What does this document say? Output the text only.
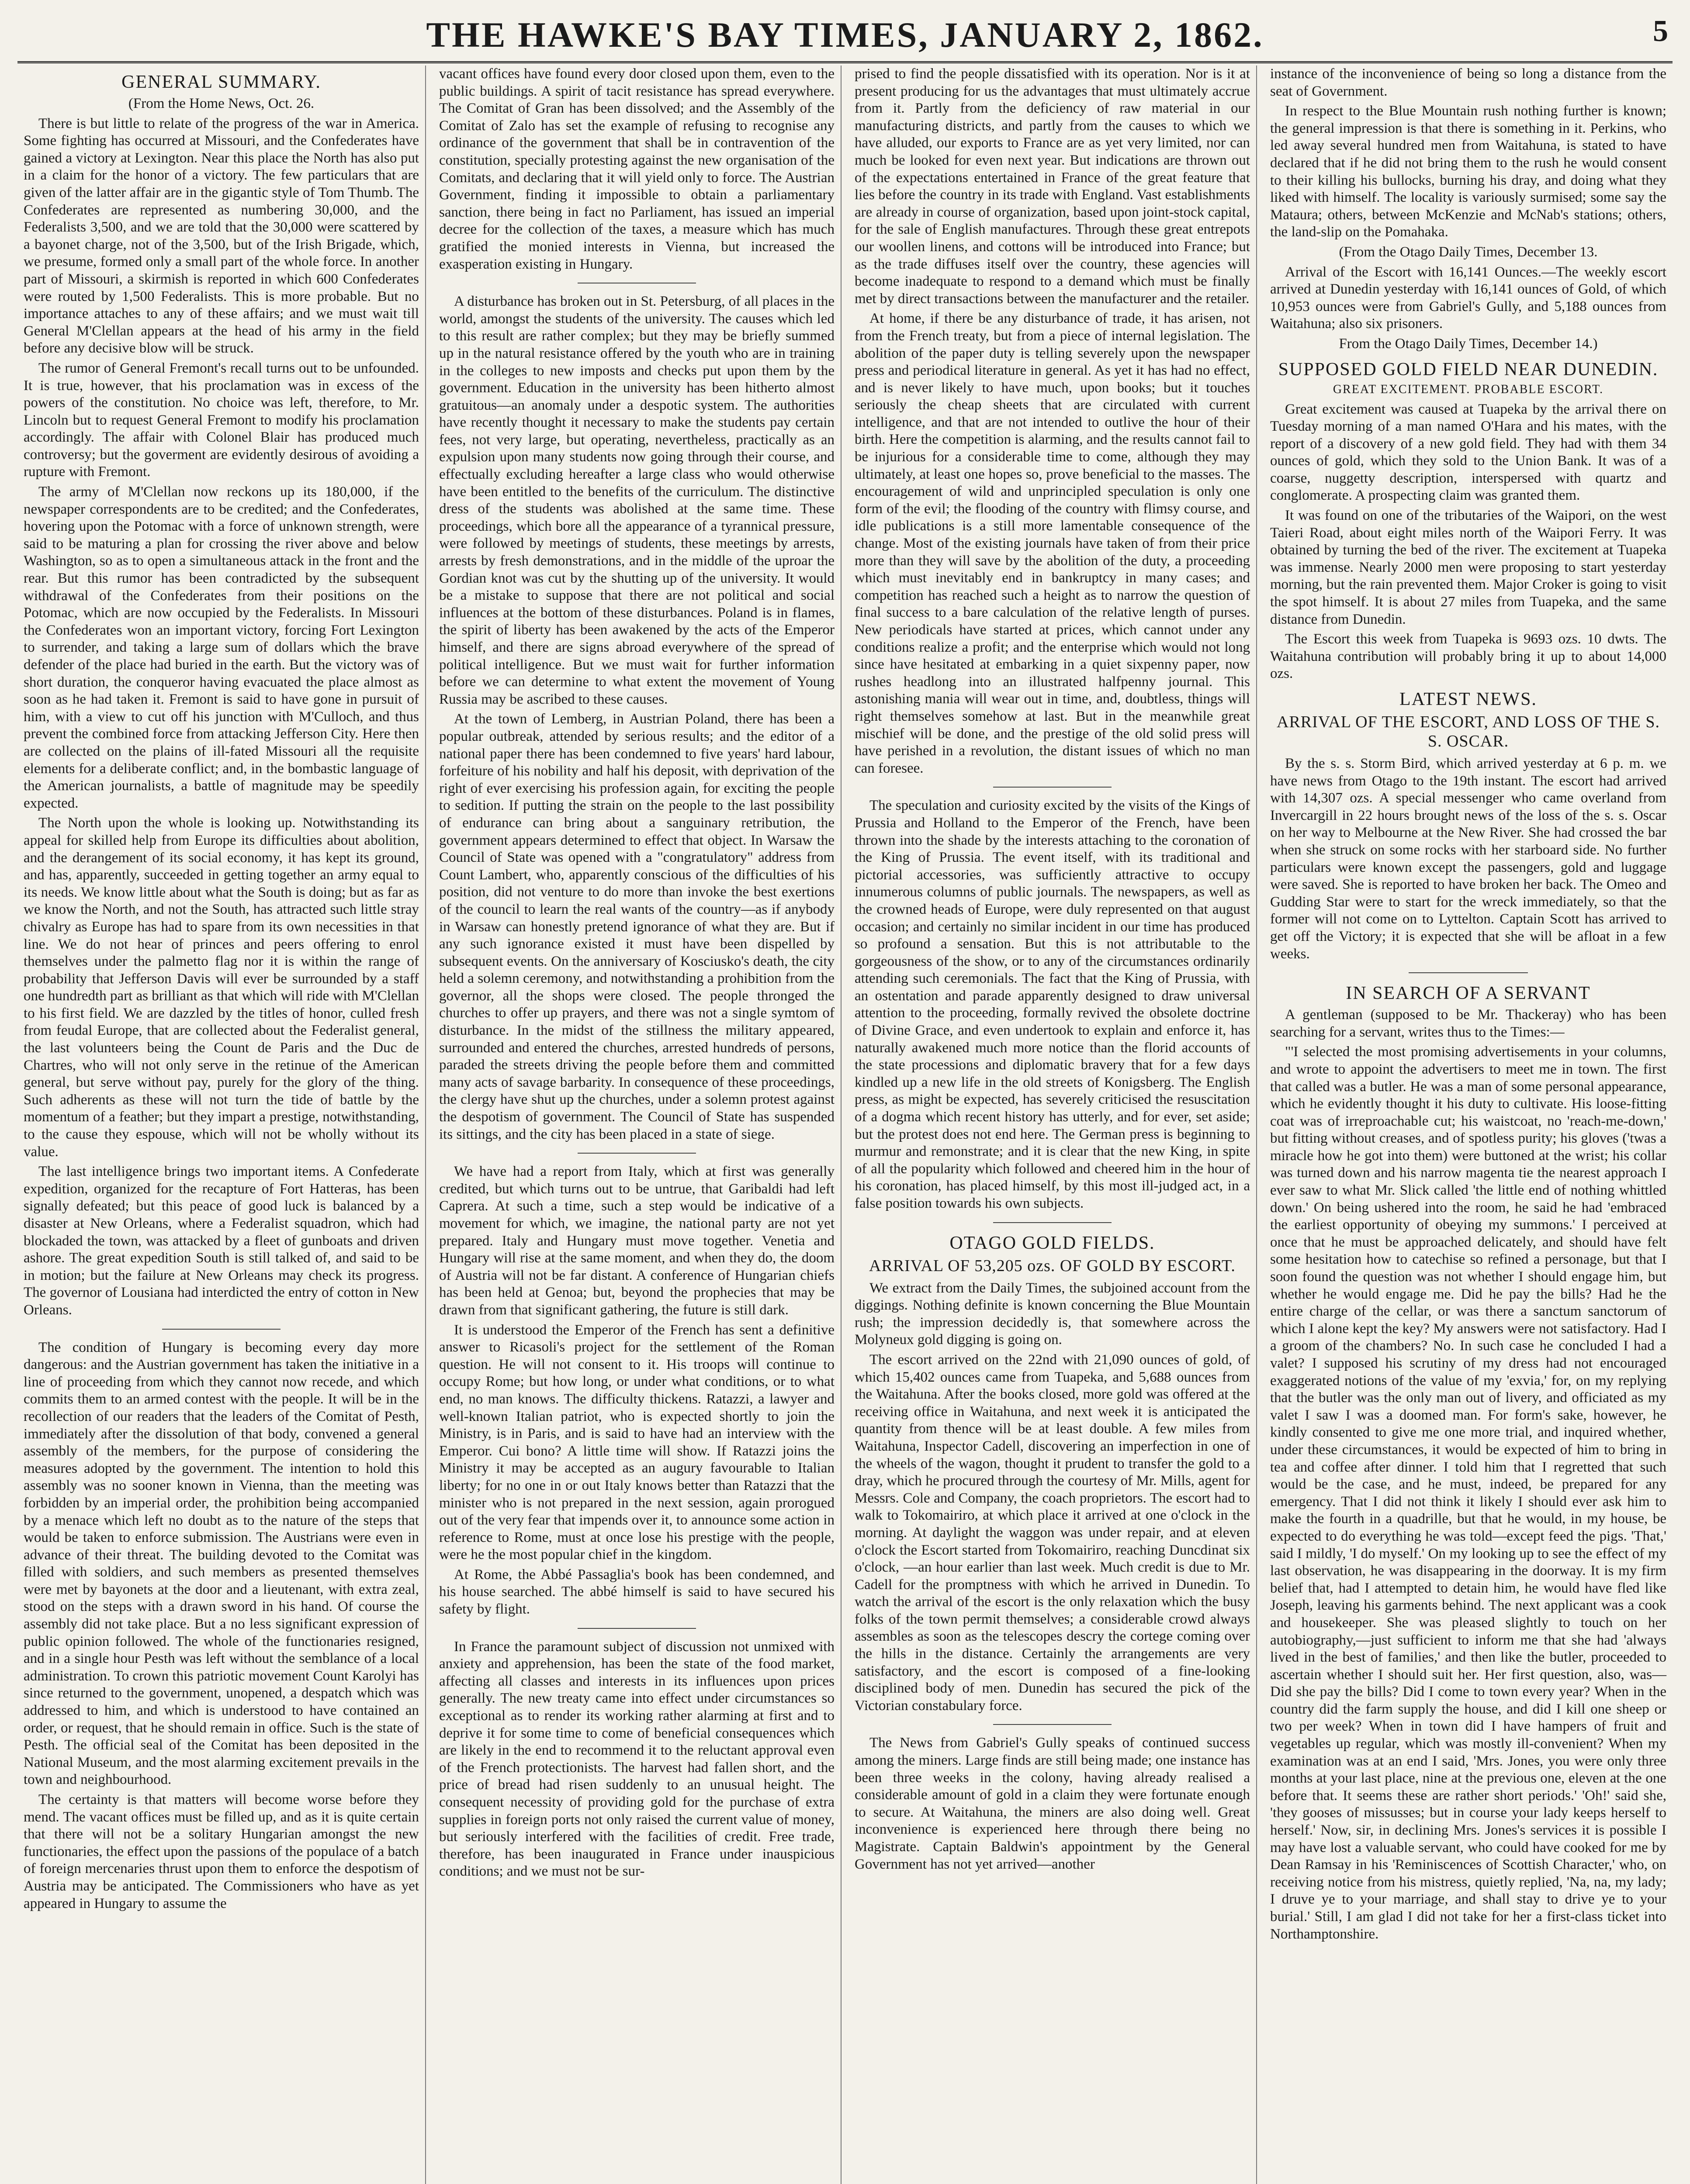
THE HAWKE'S BAY TIMES, JANUARY 2, 1862.	5
GENERAL SUMMARY.

(From the Home News, Oct. 26.

There is but little to relate of the progress of the war in America. Some fighting has occurred at Missouri, and the Confederates have gained a victory at Lexington. Near this place the North has also put in a claim for the honor of a victory. The few particulars that are given of the latter affair are in the gigantic style of Tom Thumb. The Confederates are represented as numbering 30,000, and the Federalists 3,500, and we are told that the 30,000 were scattered by a bayonet charge, not of the 3,500, but of the Irish Brigade, which, we presume, formed only a small part of the whole force. In another part of Missouri, a skirmish is reported in which 600 Confederates were routed by 1,500 Federalists. This is more probable. But no importance attaches to any of these affairs; and we must wait till General M'Clellan appears at the head of his army in the field before any decisive blow will be struck.

The rumor of General Fremont's recall turns out to be unfounded. It is true, however, that his proclamation was in excess of the powers of the constitution. No choice was left, therefore, to Mr. Lincoln but to request General Fremont to modify his proclamation accordingly. The affair with Colonel Blair has produced much controversy; but the goverment are evidently desirous of avoiding a rupture with Fremont.

The army of M'Clellan now reckons up its 180,000, if the newspaper correspondents are to be credited; and the Confederates, hovering upon the Potomac with a force of unknown strength, were said to be maturing a plan for crossing the river above and below Washington, so as to open a simultaneous attack in the front and the rear. But this rumor has been contradicted by the subsequent withdrawal of the Confederates from their positions on the Potomac, which are now occupied by the Federalists. In Missouri the Confederates won an important victory, forcing Fort Lexington to surrender, and taking a large sum of dollars which the brave defender of the place had buried in the earth. But the victory was of short duration, the conqueror having evacuated the place almost as soon as he had taken it. Fremont is said to have gone in pursuit of him, with a view to cut off his junction with M'Culloch, and thus prevent the combined force from attacking Jefferson City. Here then are collected on the plains of ill-fated Missouri all the requisite elements for a deliberate conflict; and, in the bombastic language of the American journalists, a battle of magnitude may be speedily expected.

The North upon the whole is looking up. Notwithstanding its appeal for skilled help from Europe its difficulties about abolition, and the derangement of its social economy, it has kept its ground, and has, apparently, succeeded in getting together an army equal to its needs. We know little about what the South is doing; but as far as we know the North, and not the South, has attracted such little stray chivalry as Europe has had to spare from its own necessities in that line. We do not hear of princes and peers offering to enrol themselves under the palmetto flag nor it is within the range of probability that Jefferson Davis will ever be surrounded by a staff one hundredth part as brilliant as that which will ride with M'Clellan to his first field. We are dazzled by the titles of honor, culled fresh from feudal Europe, that are collected about the Federalist general, the last volunteers being the Count de Paris and the Duc de Chartres, who will not only serve in the retinue of the American general, but serve without pay, purely for the glory of the thing. Such adherents as these will not turn the tide of battle by the momentum of a feather; but they impart a prestige, notwithstanding, to the cause they espouse, which will not be wholly without its value.

The last intelligence brings two important items. A Confederate expedition, organized for the recapture of Fort Hatteras, has been signally defeated; but this peace of good luck is balanced by a disaster at New Orleans, where a Federalist squadron, which had blockaded the town, was attacked by a fleet of gunboats and driven ashore. The great expedition South is still talked of, and said to be in motion; but the failure at New Orleans may check its progress. The governor of Lousiana had interdicted the entry of cotton in New Orleans.

The condition of Hungary is becoming every day more dangerous: and the Austrian government has taken the initiative in a line of proceeding from which they cannot now recede, and which commits them to an armed contest with the people. It will be in the recollection of our readers that the leaders of the Comitat of Pesth, immediately after the dissolution of that body, convened a general assembly of the members, for the purpose of considering the measures adopted by the government. The intention to hold this assembly was no sooner known in Vienna, than the meeting was forbidden by an imperial order, the prohibition being accompanied by a menace which left no doubt as to the nature of the steps that would be taken to enforce submission. The Austrians were even in advance of their threat. The building devoted to the Comitat was filled with soldiers, and such members as presented themselves were met by bayonets at the door and a lieutenant, with extra zeal, stood on the steps with a drawn sword in his hand. Of course the assembly did not take place. But a no less significant expression of public opinion followed. The whole of the functionaries resigned, and in a single hour Pesth was left without the semblance of a local administration. To crown this patriotic movement Count Karolyi has since returned to the government, unopened, a despatch which was addressed to him, and which is understood to have contained an order, or request, that he should remain in office. Such is the state of Pesth. The official seal of the Comitat has been deposited in the National Museum, and the most alarming excitement prevails in the town and neighbourhood.

The certainty is that matters will become worse before they mend. The vacant offices must be filled up, and as it is quite certain that there will not be a solitary Hungarian amongst the new functionaries, the effect upon the passions of the populace of a batch of foreign mercenaries thrust upon them to enforce the despotism of Austria may be anticipated. The Commissioners who have as yet appeared in Hungary to assume the

vacant offices have found every door closed upon them, even to the public buildings. A spirit of tacit resistance has spread everywhere. The Comitat of Gran has been dissolved; and the Assembly of the Comitat of Zalo has set the example of refusing to recognise any ordinance of the government that shall be in contravention of the constitution, specially protesting against the new organisation of the Comitats, and declaring that it will yield only to force. The Austrian Government, finding it impossible to obtain a parliamentary sanction, there being in fact no Parliament, has issued an imperial decree for the collection of the taxes, a measure which has much gratified the monied interests in Vienna, but increased the exasperation existing in Hungary.

A disturbance has broken out in St. Petersburg, of all places in the world, amongst the students of the university. The causes which led to this result are rather complex; but they may be briefly summed up in the natural resistance offered by the youth who are in training in the colleges to new imposts and checks put upon them by the government. Education in the university has been hitherto almost gratuitous—an anomaly under a despotic system. The authorities have recently thought it necessary to make the students pay certain fees, not very large, but operating, nevertheless, practically as an expulsion upon many students now going through their course, and effectually excluding hereafter a large class who would otherwise have been entitled to the benefits of the curriculum. The distinctive dress of the students was abolished at the same time. These proceedings, which bore all the appearance of a tyrannical pressure, were followed by meetings of students, these meetings by arrests, arrests by fresh demonstrations, and in the middle of the uproar the Gordian knot was cut by the shutting up of the university. It would be a mistake to suppose that there are not political and social influences at the bottom of these disturbances. Poland is in flames, the spirit of liberty has been awakened by the acts of the Emperor himself, and there are signs abroad everywhere of the spread of political intelligence. But we must wait for further information before we can determine to what extent the movement of Young Russia may be ascribed to these causes.

At the town of Lemberg, in Austrian Poland, there has been a popular outbreak, attended by serious results; and the editor of a national paper there has been condemned to five years' hard labour, forfeiture of his nobility and half his deposit, with deprivation of the right of ever exercising his profession again, for exciting the people to sedition. If putting the strain on the people to the last possibility of endurance can bring about a sanguinary retribution, the government appears determined to effect that object. In Warsaw the Council of State was opened with a "congratulatory" address from Count Lambert, who, apparently conscious of the difficulties of his position, did not venture to do more than invoke the best exertions of the council to learn the real wants of the country—as if anybody in Warsaw can honestly pretend ignorance of what they are. But if any such ignorance existed it must have been dispelled by subsequent events. On the anniversary of Kosciusko's death, the city held a solemn ceremony, and notwithstanding a prohibition from the governor, all the shops were closed. The people thronged the churches to offer up prayers, and there was not a single symtom of disturbance. In the midst of the stillness the military appeared, surrounded and entered the churches, arrested hundreds of persons, paraded the streets driving the people before them and committed many acts of savage barbarity. In consequence of these proceedings, the clergy have shut up the churches, under a solemn protest against the despotism of government. The Council of State has suspended its sittings, and the city has been placed in a state of siege.

We have had a report from Italy, which at first was generally credited, but which turns out to be untrue, that Garibaldi had left Caprera. At such a time, such a step would be indicative of a movement for which, we imagine, the national party are not yet prepared. Italy and Hungary must move together. Venetia and Hungary will rise at the same moment, and when they do, the doom of Austria will not be far distant. A conference of Hungarian chiefs has been held at Genoa; but, beyond the prophecies that may be drawn from that significant gathering, the future is still dark.

It is understood the Emperor of the French has sent a definitive answer to Ricasoli's project for the settlement of the Roman question. He will not consent to it. His troops will continue to occupy Rome; but how long, or under what conditions, or to what end, no man knows. The difficulty thickens. Ratazzi, a lawyer and well-known Italian patriot, who is expected shortly to join the Ministry, is in Paris, and is said to have had an interview with the Emperor. Cui bono? A little time will show. If Ratazzi joins the Ministry it may be accepted as an augury favourable to Italian liberty; for no one in or out Italy knows better than Ratazzi that the minister who is not prepared in the next session, again prorogued out of the very fear that impends over it, to announce some action in reference to Rome, must at once lose his prestige with the people, were he the most popular chief in the kingdom.

At Rome, the Abbé Passaglia's book has been condemned, and his house searched. The abbé himself is said to have secured his safety by flight.

In France the paramount subject of discussion not unmixed with anxiety and apprehension, has been the state of the food market, affecting all classes and interests in its influences upon prices generally. The new treaty came into effect under circumstances so exceptional as to render its working rather alarming at first and to deprive it for some time to come of beneficial consequences which are likely in the end to recommend it to the reluctant approval even of the French protectionists. The harvest had fallen short, and the price of bread had risen suddenly to an unusual height. The consequent necessity of providing gold for the purchase of extra supplies in foreign ports not only raised the current value of money, but seriously interfered with the facilities of credit. Free trade, therefore, has been inaugurated in France under inauspicious conditions; and we must not be sur-

prised to find the people dissatisfied with its operation. Nor is it at present producing for us the advantages that must ultimately accrue from it. Partly from the deficiency of raw material in our manufacturing districts, and partly from the causes to which we have alluded, our exports to France are as yet very limited, nor can much be looked for even next year. But indications are thrown out of the expectations entertained in France of the great feature that lies before the country in its trade with England. Vast establishments are already in course of organization, based upon joint-stock capital, for the sale of English manufactures. Through these great entrepots our woollen linens, and cottons will be introduced into France; but as the trade diffuses itself over the country, these agencies will become inadequate to respond to a demand which must be finally met by direct transactions between the manufacturer and the retailer.

At home, if there be any disturbance of trade, it has arisen, not from the French treaty, but from a piece of internal legislation. The abolition of the paper duty is telling severely upon the newspaper press and periodical literature in general. As yet it has had no effect, and is never likely to have much, upon books; but it touches seriously the cheap sheets that are circulated with current intelligence, and that are not intended to outlive the hour of their birth. Here the competition is alarming, and the results cannot fail to be injurious for a considerable time to come, although they may ultimately, at least one hopes so, prove beneficial to the masses. The encouragement of wild and unprincipled speculation is only one form of the evil; the flooding of the country with flimsy course, and idle publications is a still more lamentable consequence of the change. Most of the existing journals have taken of from their price more than they will save by the abolition of the duty, a proceeding which must inevitably end in bankruptcy in many cases; and competition has reached such a height as to narrow the question of final success to a bare calculation of the relative length of purses. New periodicals have started at prices, which cannot under any conditions realize a profit; and the enterprise which would not long since have hesitated at embarking in a quiet sixpenny paper, now rushes headlong into an illustrated halfpenny journal. This astonishing mania will wear out in time, and, doubtless, things will right themselves somehow at last. But in the meanwhile great mischief will be done, and the prestige of the old solid press will have perished in a revolution, the distant issues of which no man can foresee.

The speculation and curiosity excited by the visits of the Kings of Prussia and Holland to the Emperor of the French, have been thrown into the shade by the interests attaching to the coronation of the King of Prussia. The event itself, with its traditional and pictorial accessories, was sufficiently attractive to occupy innumerous columns of public journals. The newspapers, as well as the crowned heads of Europe, were duly represented on that august occasion; and certainly no similar incident in our time has produced so profound a sensation. But this is not attributable to the gorgeousness of the show, or to any of the circumstances ordinarily attending such ceremonials. The fact that the King of Prussia, with an ostentation and parade apparently designed to draw universal attention to the proceeding, formally revived the obsolete doctrine of Divine Grace, and even undertook to explain and enforce it, has naturally awakened much more notice than the florid accounts of the state processions and diplomatic bravery that for a few days kindled up a new life in the old streets of Konigsberg. The English press, as might be expected, has severely criticised the resuscitation of a dogma which recent history has utterly, and for ever, set aside; but the protest does not end here. The German press is beginning to murmur and remonstrate; and it is clear that the new King, in spite of all the popularity which followed and cheered him in the hour of his coronation, has placed himself, by this most ill-judged act, in a false position towards his own subjects.

OTAGO GOLD FIELDS.
ARRIVAL OF 53,205 ozs. OF GOLD BY ESCORT.

We extract from the Daily Times, the subjoined account from the diggings. Nothing definite is known concerning the Blue Mountain rush; the impression decidedly is, that somewhere across the Molyneux gold digging is going on.

The escort arrived on the 22nd with 21,090 ounces of gold, of which 15,402 ounces came from Tuapeka, and 5,688 ounces from the Waitahuna. After the books closed, more gold was offered at the receiving office in Waitahuna, and next week it is anticipated the quantity from thence will be at least double. A few miles from Waitahuna, Inspector Cadell, discovering an imperfection in one of the wheels of the wagon, thought it prudent to transfer the gold to a dray, which he procured through the courtesy of Mr. Mills, agent for Messrs. Cole and Company, the coach proprietors. The escort had to walk to Tokomairiro, at which place it arrived at one o'clock in the morning. At daylight the waggon was under repair, and at eleven o'clock the Escort started from Tokomairiro, reaching Duncdinat six o'clock, —an hour earlier than last week. Much credit is due to Mr. Cadell for the promptness with which he arrived in Dunedin. To watch the arrival of the escort is the only relaxation which the busy folks of the town permit themselves; a considerable crowd always assembles as soon as the telescopes descry the cortege coming over the hills in the distance. Certainly the arrangements are very satisfactory, and the escort is composed of a fine-looking disciplined body of men. Dunedin has secured the pick of the Victorian constabulary force.

The News from Gabriel's Gully speaks of continued success among the miners. Large finds are still being made; one instance has been three weeks in the colony, having already realised a considerable amount of gold in a claim they were fortunate enough to secure. At Waitahuna, the miners are also doing well. Great inconvenience is experienced here through there being no Magistrate. Captain Baldwin's appointment by the General Government has not yet arrived—another

instance of the inconvenience of being so long a distance from the seat of Government.

In respect to the Blue Mountain rush nothing further is known; the general impression is that there is something in it. Perkins, who led away several hundred men from Waitahuna, is stated to have declared that if he did not bring them to the rush he would consent to their killing his bullocks, burning his dray, and doing what they liked with himself. The locality is variously surmised; some say the Mataura; others, between McKenzie and McNab's stations; others, the land-slip on the Pomahaka.

(From the Otago Daily Times, December 13.

Arrival of the Escort with 16,141 Ounces.—The weekly escort arrived at Dunedin yesterday with 16,141 ounces of Gold, of which 10,953 ounces were from Gabriel's Gully, and 5,188 ounces from Waitahuna; also six prisoners.

From the Otago Daily Times, December 14.)

SUPPOSED GOLD FIELD NEAR DUNEDIN.
GREAT EXCITEMENT. PROBABLE ESCORT.

Great excitement was caused at Tuapeka by the arrival there on Tuesday morning of a man named O'Hara and his mates, with the report of a discovery of a new gold field. They had with them 34 ounces of gold, which they sold to the Union Bank. It was of a coarse, nuggetty description, interspersed with quartz and conglomerate. A prospecting claim was granted them.

It was found on one of the tributaries of the Waipori, on the west Taieri Road, about eight miles north of the Waipori Ferry. It was obtained by turning the bed of the river. The excitement at Tuapeka was immense. Nearly 2000 men were proposing to start yesterday morning, but the rain prevented them. Major Croker is going to visit the spot himself. It is about 27 miles from Tuapeka, and the same distance from Dunedin.

The Escort this week from Tuapeka is 9693 ozs. 10 dwts. The Waitahuna contribution will probably bring it up to about 14,000 ozs.

LATEST NEWS.
ARRIVAL OF THE ESCORT, AND LOSS OF THE S. S. OSCAR.

By the s. s. Storm Bird, which arrived yesterday at 6 p. m. we have news from Otago to the 19th instant. The escort had arrived with 14,307 ozs. A special messenger who came overland from Invercargill in 22 hours brought news of the loss of the s. s. Oscar on her way to Melbourne at the New River. She had crossed the bar when she struck on some rocks with her starboard side. No further particulars were known except the passengers, gold and luggage were saved. She is reported to have broken her back. The Omeo and Gudding Star were to start for the wreck immediately, so that the former will not come on to Lyttelton. Captain Scott has arrived to get off the Victory; it is expected that she will be afloat in a few weeks.

IN SEARCH OF A SERVANT

A gentleman (supposed to be Mr. Thackeray) who has been searching for a servant, writes thus to the Times:—

"'I selected the most promising advertisements in your columns, and wrote to appoint the advertisers to meet me in town. The first that called was a butler. He was a man of some personal appearance, which he evidently thought it his duty to cultivate. His loose-fitting coat was of irreproachable cut; his waistcoat, no 'reach-me-down,' but fitting without creases, and of spotless purity; his gloves ('twas a miracle how he got into them) were buttoned at the wrist; his collar was turned down and his narrow magenta tie the nearest approach I ever saw to what Mr. Slick called 'the little end of nothing whittled down.' On being ushered into the room, he said he had 'embraced the earliest opportunity of obeying my summons.' I perceived at once that he must be approached delicately, and should have felt some hesitation how to catechise so refined a personage, but that I soon found the question was not whether I should engage him, but whether he would engage me. Did he pay the bills? Had he the entire charge of the cellar, or was there a sanctum sanctorum of which I alone kept the key? My answers were not satisfactory. Had I a groom of the chambers? No. In such case he concluded I had a valet? I supposed his scrutiny of my dress had not encouraged exaggerated notions of the value of my 'exvia,' for, on my replying that the butler was the only man out of livery, and officiated as my valet I saw I was a doomed man. For form's sake, however, he kindly consented to give me one more trial, and inquired whether, under these circumstances, it would be expected of him to bring in tea and coffee after dinner. I told him that I regretted that such would be the case, and he must, indeed, be prepared for any emergency. That I did not think it likely I should ever ask him to make the fourth in a quadrille, but that he would, in my house, be expected to do everything he was told—except feed the pigs. 'That,' said I mildly, 'I do myself.' On my looking up to see the effect of my last observation, he was disappearing in the doorway. It is my firm belief that, had I attempted to detain him, he would have fled like Joseph, leaving his garments behind. The next applicant was a cook and housekeeper. She was pleased slightly to touch on her autobiography,—just sufficient to inform me that she had 'always lived in the best of families,' and then like the butler, proceeded to ascertain whether I should suit her. Her first question, also, was—Did she pay the bills? Did I come to town every year? When in the country did the farm supply the house, and did I kill one sheep or two per week? When in town did I have hampers of fruit and vegetables up regular, which was mostly ill-convenient? When my examination was at an end I said, 'Mrs. Jones, you were only three months at your last place, nine at the previous one, eleven at the one before that. It seems these are rather short periods.' 'Oh!' said she, 'they gooses of missusses; but in course your lady keeps herself to herself.' Now, sir, in declining Mrs. Jones's services it is possible I may have lost a valuable servant, who could have cooked for me by Dean Ramsay in his 'Reminiscences of Scottish Character,' who, on receiving notice from his mistress, quietly replied, 'Na, na, my lady; I druve ye to your marriage, and shall stay to drive ye to your burial.' Still, I am glad I did not take for her a first-class ticket into Northamptonshire.
